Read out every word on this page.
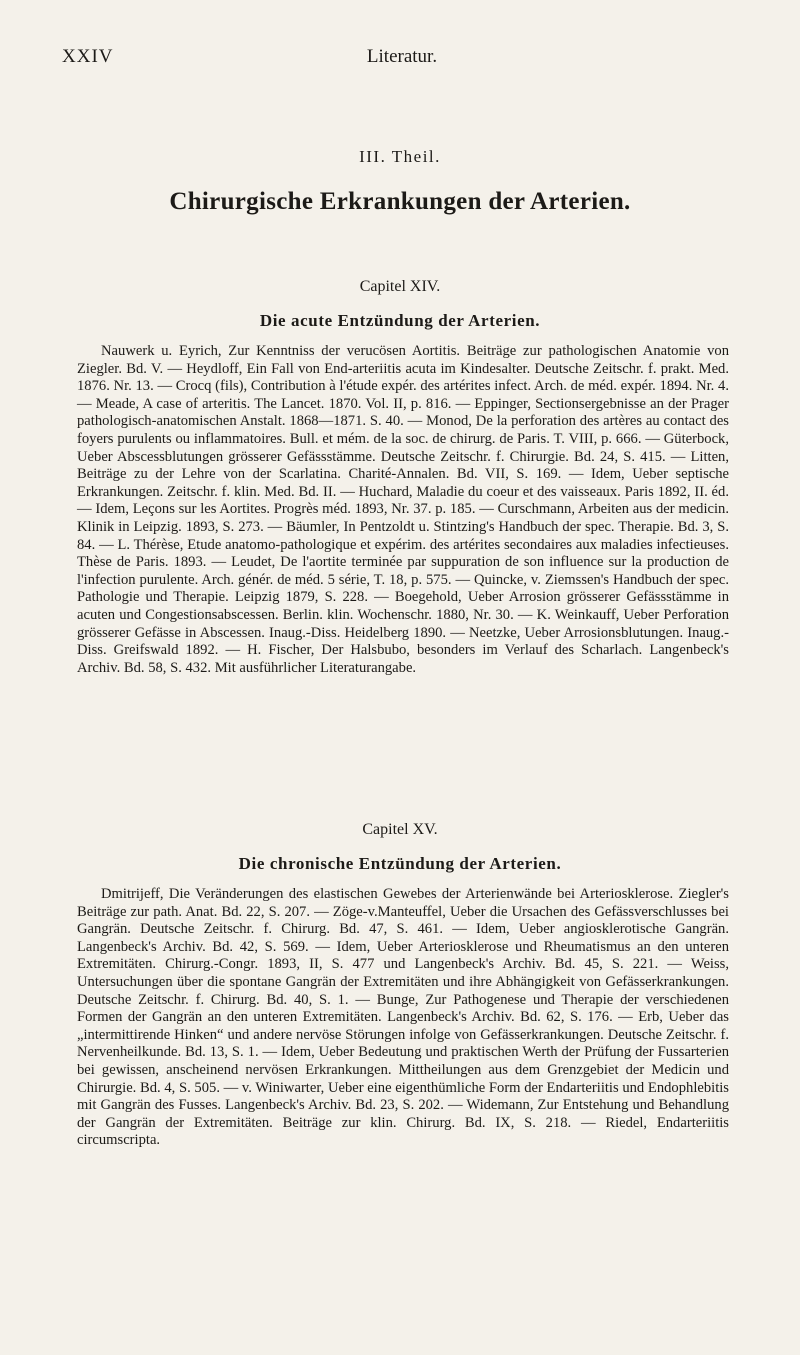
XXIV	Literatur.
III. Theil.
Chirurgische Erkrankungen der Arterien.
Capitel XIV.
Die acute Entzündung der Arterien.

Nauwerk u. Eyrich, Zur Kenntniss der verucösen Aortitis. Beiträge zur pathologischen Anatomie von Ziegler. Bd. V. — Heydloff, Ein Fall von End-arteriitis acuta im Kindesalter. Deutsche Zeitschr. f. prakt. Med. 1876. Nr. 13. — Crocq (fils), Contribution à l'étude expér. des artérites infect. Arch. de méd. expér. 1894. Nr. 4. — Meade, A case of arteritis. The Lancet. 1870. Vol. II, p. 816. — Eppinger, Sectionsergebnisse an der Prager pathologisch-anatomischen Anstalt. 1868—1871. S. 40. — Monod, De la perforation des artères au contact des foyers purulents ou inflammatoires. Bull. et mém. de la soc. de chirurg. de Paris. T. VIII, p. 666. — Güterbock, Ueber Abscessblutungen grösserer Gefässstämme. Deutsche Zeitschr. f. Chirurgie. Bd. 24, S. 415. — Litten, Beiträge zu der Lehre von der Scarlatina. Charité-Annalen. Bd. VII, S. 169. — Idem, Ueber septische Erkrankungen. Zeitschr. f. klin. Med. Bd. II. — Huchard, Maladie du coeur et des vaisseaux. Paris 1892, II. éd. — Idem, Leçons sur les Aortites. Progrès méd. 1893, Nr. 37. p. 185. — Curschmann, Arbeiten aus der medicin. Klinik in Leipzig. 1893, S. 273. — Bäumler, In Pentzoldt u. Stintzing's Handbuch der spec. Therapie. Bd. 3, S. 84. — L. Thérèse, Etude anatomo-pathologique et expérim. des artérites secondaires aux maladies infectieuses. Thèse de Paris. 1893. — Leudet, De l'aortite terminée par suppuration de son influence sur la production de l'infection purulente. Arch. génér. de méd. 5 série, T. 18, p. 575. — Quincke, v. Ziemssen's Handbuch der spec. Pathologie und Therapie. Leipzig 1879, S. 228. — Boegehold, Ueber Arrosion grösserer Gefässstämme in acuten und Congestionsabscessen. Berlin. klin. Wochenschr. 1880, Nr. 30. — K. Weinkauff, Ueber Perforation grösserer Gefässe in Abscessen. Inaug.-Diss. Heidelberg 1890. — Neetzke, Ueber Arrosionsblutungen. Inaug.-Diss. Greifswald 1892. — H. Fischer, Der Halsbubo, besonders im Verlauf des Scharlach. Langenbeck's Archiv. Bd. 58, S. 432. Mit ausführlicher Literaturangabe.

Capitel XV.
Die chronische Entzündung der Arterien.

Dmitrijeff, Die Veränderungen des elastischen Gewebes der Arterienwände bei Arteriosklerose. Ziegler's Beiträge zur path. Anat. Bd. 22, S. 207. — Zöge-v.Manteuffel, Ueber die Ursachen des Gefässverschlusses bei Gangrän. Deutsche Zeitschr. f. Chirurg. Bd. 47, S. 461. — Idem, Ueber angiosklerotische Gangrän. Langenbeck's Archiv. Bd. 42, S. 569. — Idem, Ueber Arteriosklerose und Rheumatismus an den unteren Extremitäten. Chirurg.-Congr. 1893, II, S. 477 und Langenbeck's Archiv. Bd. 45, S. 221. — Weiss, Untersuchungen über die spontane Gangrän der Extremitäten und ihre Abhängigkeit von Gefässerkrankungen. Deutsche Zeitschr. f. Chirurg. Bd. 40, S. 1. — Bunge, Zur Pathogenese und Therapie der verschiedenen Formen der Gangrän an den unteren Extremitäten. Langenbeck's Archiv. Bd. 62, S. 176. — Erb, Ueber das „intermittirende Hinken“ und andere nervöse Störungen infolge von Gefässerkrankungen. Deutsche Zeitschr. f. Nervenheilkunde. Bd. 13, S. 1. — Idem, Ueber Bedeutung und praktischen Werth der Prüfung der Fussarterien bei gewissen, anscheinend nervösen Erkrankungen. Mittheilungen aus dem Grenzgebiet der Medicin und Chirurgie. Bd. 4, S. 505. — v. Winiwarter, Ueber eine eigenthümliche Form der Endarteriitis und Endophlebitis mit Gangrän des Fusses. Langenbeck's Archiv. Bd. 23, S. 202. — Widemann, Zur Entstehung und Behandlung der Gangrän der Extremitäten. Beiträge zur klin. Chirurg. Bd. IX, S. 218. — Riedel, Endarteriitis circumscripta.
